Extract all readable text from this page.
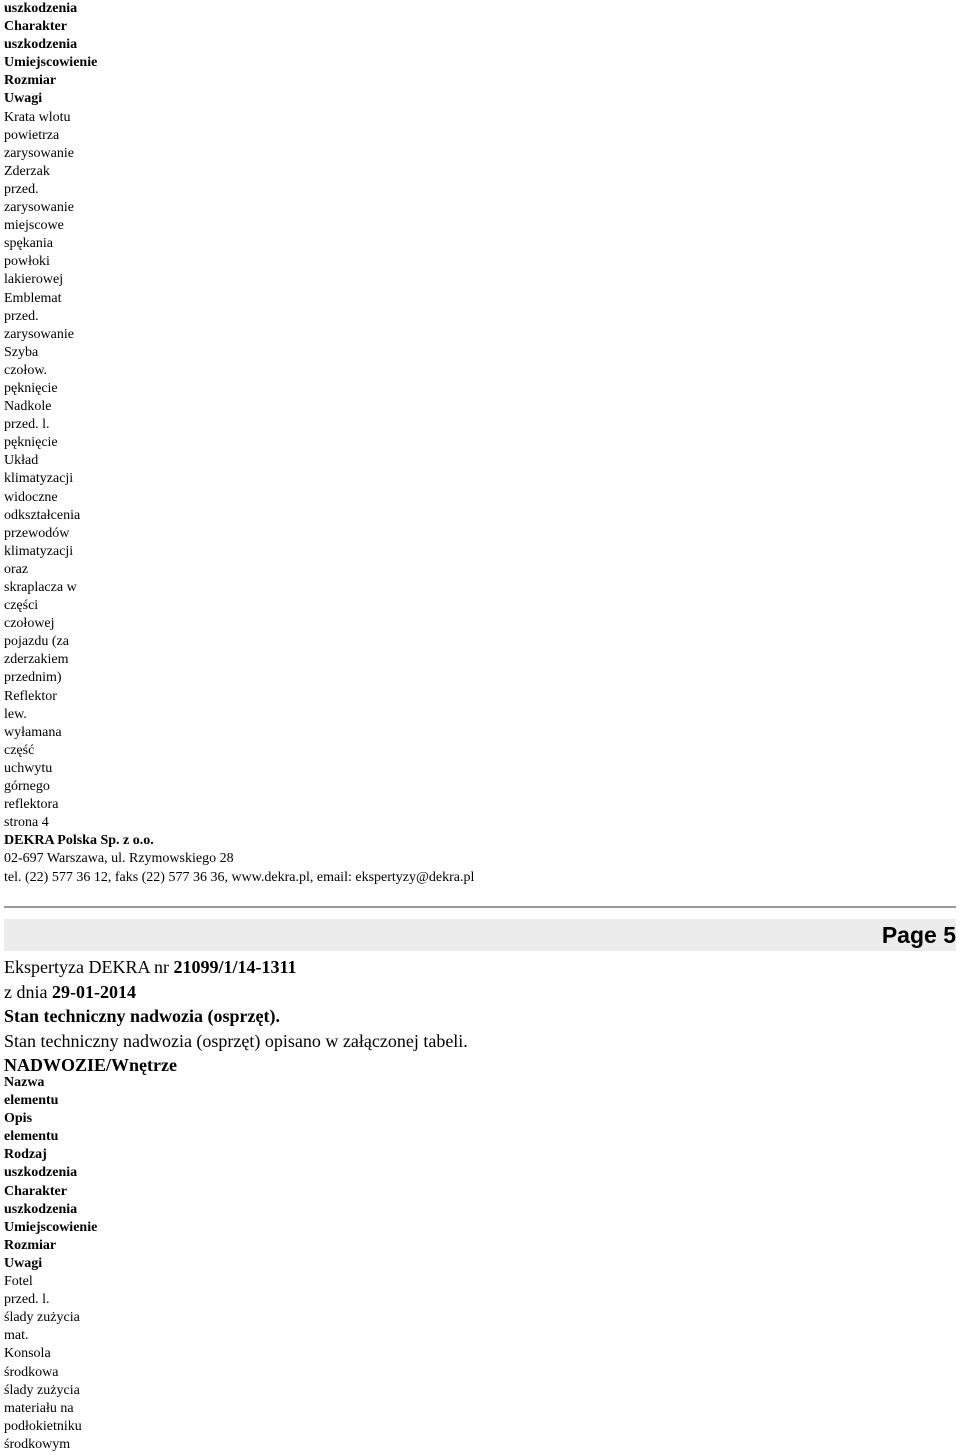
uszkodzenia
Charakter
uszkodzenia
Umiejscowienie
Rozmiar
Uwagi
Krata wlotu
powietrza
zarysowanie
Zderzak
przed.
zarysowanie
miejscowe
spękania
powłoki
lakierowej
Emblemat
przed.
zarysowanie
Szyba
czołow.
pęknięcie
Nadkole
przed. l.
pęknięcie
Układ
klimatyzacji
widoczne
odkształcenia
przewodów
klimatyzacji
oraz
skraplacza w
części
czołowej
pojazdu (za
zderzakiem
przednim)
Reflektor
lew.
wyłamana
część
uchwytu
górnego
reflektora
strona 4
DEKRA Polska Sp. z o.o.
02-697 Warszawa, ul. Rzymowskiego 28
tel. (22) 577 36 12, faks (22) 577 36 36, www.dekra.pl, email: ekspertyzy@dekra.pl
Page 5
Ekspertyza DEKRA nr 21099/1/14-1311
z dnia 29-01-2014
Stan techniczny nadwozia (osprzęt).
Stan techniczny nadwozia (osprzęt) opisano w załączonej tabeli.
NADWOZIE/Wnętrze
Nazwa
elementu
Opis
elementu
Rodzaj
uszkodzenia
Charakter
uszkodzenia
Umiejscowienie
Rozmiar
Uwagi
Fotel
przed. l.
ślady zużycia
mat.
Konsola
środkowa
ślady zużycia
materiału na
podłokietniku
środkowym
